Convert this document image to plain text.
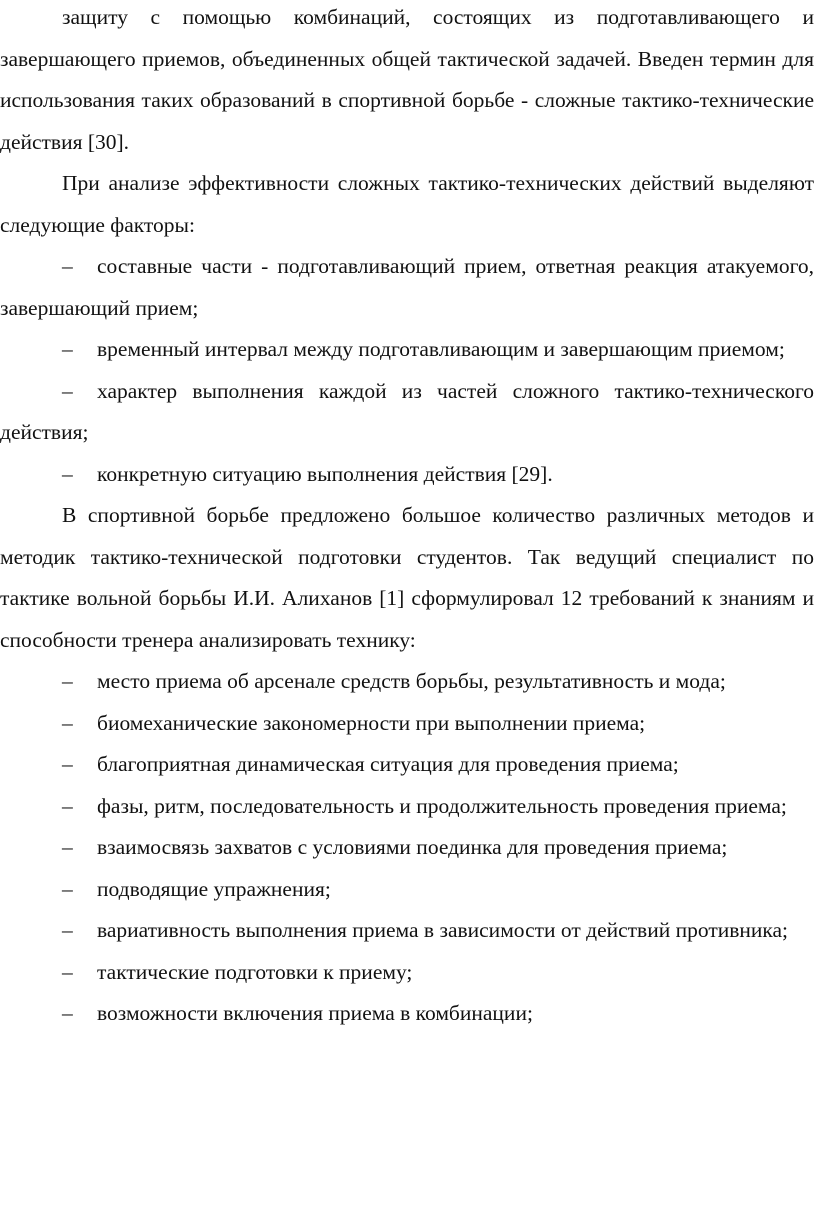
защиту с помощью комбинаций, состоящих из подготавливающего и завершающего приемов, объединенных общей тактической задачей. Введен термин для использования таких образований в спортивной борьбе - сложные тактико-технические действия [30].

При анализе эффективности сложных тактико-технических действий выделяют следующие факторы:

– составные части - подготавливающий прием, ответная реакция атакуемого, завершающий прием;

– временный интервал между подготавливающим и завершающим приемом;

– характер выполнения каждой из частей сложного тактико-технического действия;

– конкретную ситуацию выполнения действия [29].

В спортивной борьбе предложено большое количество различных методов и методик тактико-технической подготовки студентов. Так ведущий специалист по тактике вольной борьбы И.И. Алиханов [1] сформулировал 12 требований к знаниям и способности тренера анализировать технику:

– место приема об арсенале средств борьбы, результативность и мода;

– биомеханические закономерности при выполнении приема;

– благоприятная динамическая ситуация для проведения приема;

– фазы, ритм, последовательность и продолжительность проведения приема;

– взаимосвязь захватов с условиями поединка для проведения приема;

– подводящие упражнения;

– вариативность выполнения приема в зависимости от действий противника;

– тактические подготовки к приему;

– возможности включения приема в комбинации;
